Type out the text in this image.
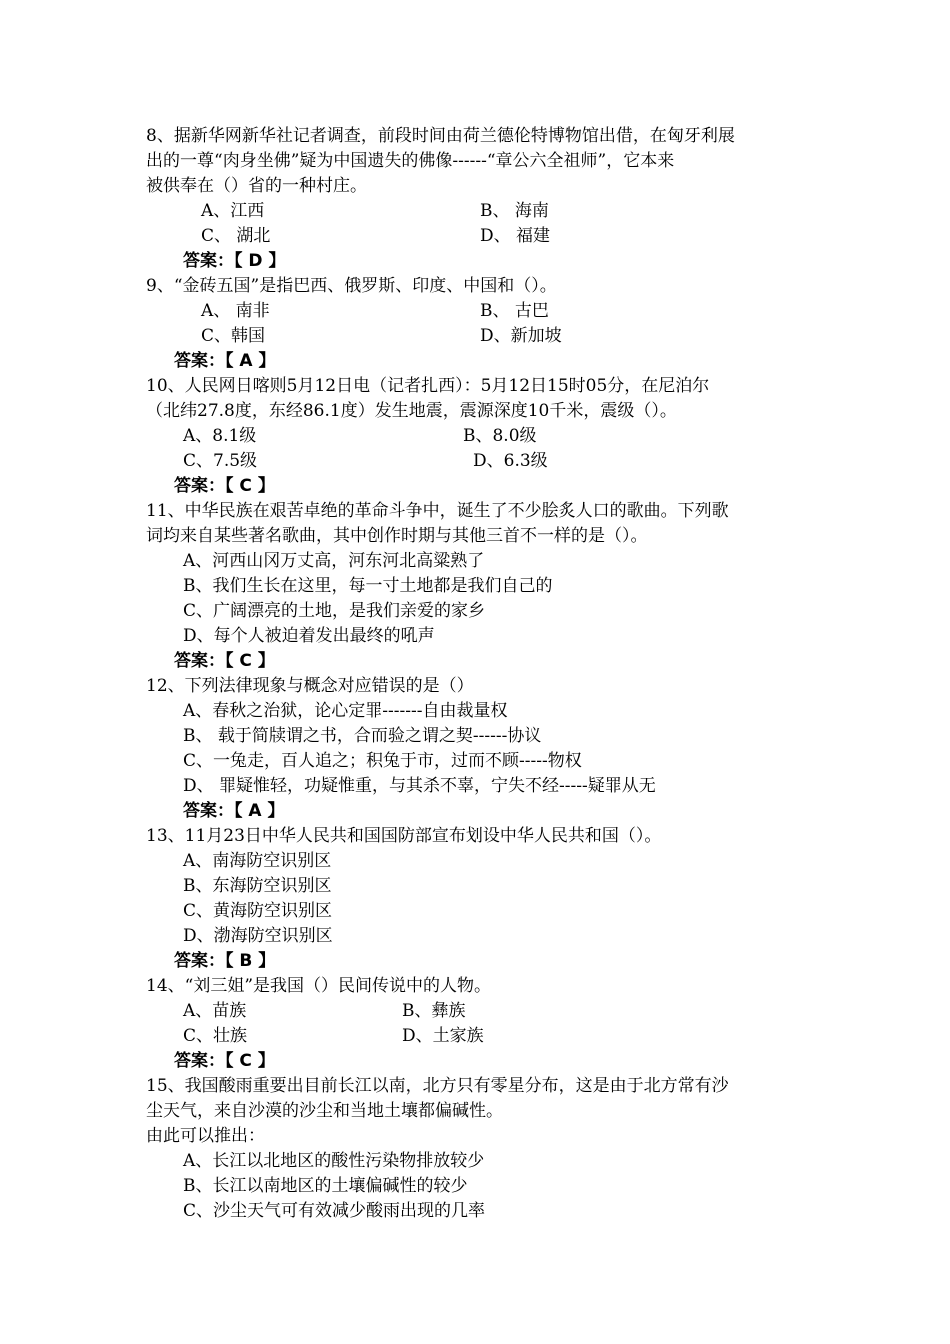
8、据新华网新华社记者调查，前段时间由荷兰德伦特博物馆出借，在匈牙利展
出的一尊“肉身坐佛”疑为中国遗失的佛像------“章公六全祖师”，它本来
被供奉在（）省的一种村庄。
A、江西	B、 海南
C、 湖北	D、 福建
答案：【 D 】
9、“金砖五国”是指巴西、俄罗斯、印度、中国和（）。
A、 南非	B、 古巴
C、韩国	D、新加坡
答案：【 A 】
10、人民网日喀则5月12日电（记者扎西）：5月12日15时05分，在尼泊尔
（北纬27.8度，东经86.1度）发生地震，震源深度10千米，震级（）。
A、8.1级	B、8.0级
C、7.5级	D、6.3级
答案：【 C 】
11、中华民族在艰苦卓绝的革命斗争中，诞生了不少脍炙人口的歌曲。下列歌
词均来自某些著名歌曲，其中创作时期与其他三首不一样的是（）。
A、河西山冈万丈高，河东河北高粱熟了
B、我们生长在这里，每一寸土地都是我们自己的
C、广阔漂亮的土地，是我们亲爱的家乡
D、每个人被迫着发出最终的吼声
答案：【 C 】
12、下列法律现象与概念对应错误的是（）
A、春秋之治狱，论心定罪-------自由裁量权
B、 载于简牍谓之书，合而验之谓之契------协议
C、一兔走，百人追之；积兔于市，过而不顾-----物权
D、 罪疑惟轻，功疑惟重，与其杀不辜，宁失不经-----疑罪从无
答案：【 A 】
13、11月23日中华人民共和国国防部宣布划设中华人民共和国（）。
A、南海防空识别区
B、东海防空识别区
C、黄海防空识别区
D、渤海防空识别区
答案：【 B 】
14、“刘三姐”是我国（）民间传说中的人物。
A、苗族	B、彝族
C、壮族	D、土家族
答案：【 C 】
15、我国酸雨重要出目前长江以南，北方只有零星分布，这是由于北方常有沙
尘天气，来自沙漠的沙尘和当地土壤都偏碱性。
由此可以推出：
A、长江以北地区的酸性污染物排放较少
B、长江以南地区的土壤偏碱性的较少
C、沙尘天气可有效减少酸雨出现的几率
